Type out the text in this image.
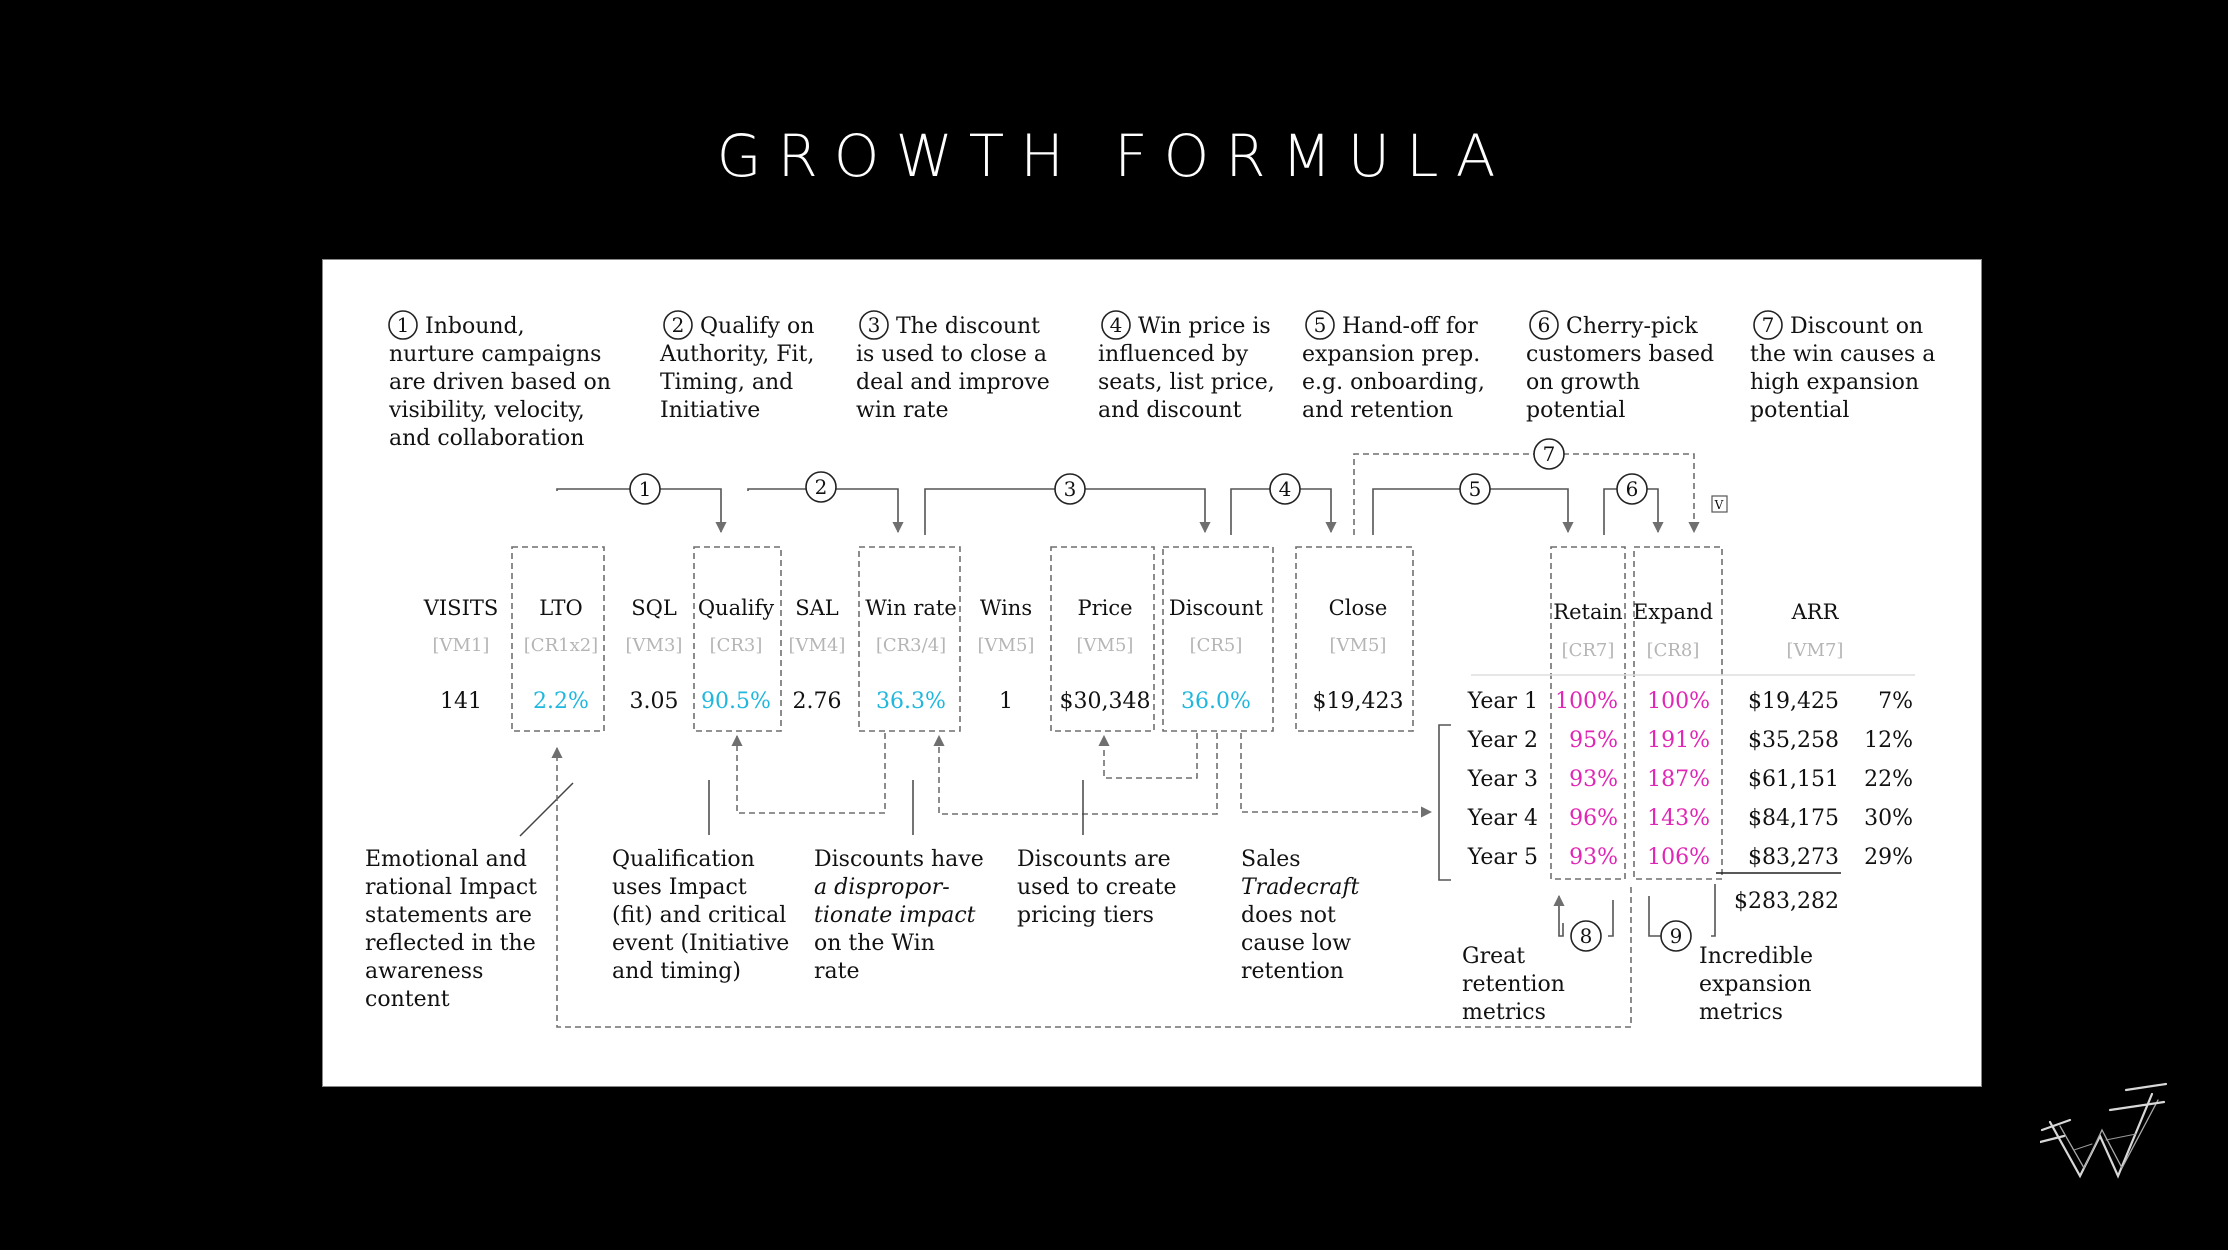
GROWTH FORMULA
1 Inbound,
nurture campaigns
are driven based on
visibility, velocity,
and collaboration
2 Qualify on
Authority, Fit,
Timing, and
Initiative
3 The discount
is used to close a
deal and improve
win rate
4 Win price is
influenced by
seats, list price,
and discount
5 Hand-off for
expansion prep.
e.g. onboarding,
and retention
6 Cherry-pick
customers based
on growth
potential
7 Discount on
the win causes a
high expansion
potential
VISITS
[VM1]
141
LTO
[CR1x2]
2.2%
SQL
[VM3]
3.05
Qualify
[CR3]
90.5%
SAL
[VM4]
2.76
Win rate
[CR3/4]
36.3%
Wins
[VM5]
1
Price
[VM5]
$30,348
Discount
[CR5]
36.0%
Close
[VM5]
$19,423
Retain
[CR7]
Expand
[CR8]
ARR
[VM7]
Year 1 100% 100% $19,425 7%
Year 2 95% 191% $35,258 12%
Year 3 93% 187% $61,151 22%
Year 4 96% 143% $84,175 30%
Year 5 93% 106% $83,273 29%
$283,282
1	2	3	4	5	6
7
V
Emotional and
rational Impact
statements are
reflected in the
awareness
content
Qualification
uses Impact
(fit) and critical
event (Initiative
and timing)
Discounts have
a dispropor-
tionate impact
on the Win
rate
Discounts are
used to create
pricing tiers
Sales
Tradecraft
does not
cause low
retention
Great
retention
metrics
Incredible
expansion
metrics
8	9
